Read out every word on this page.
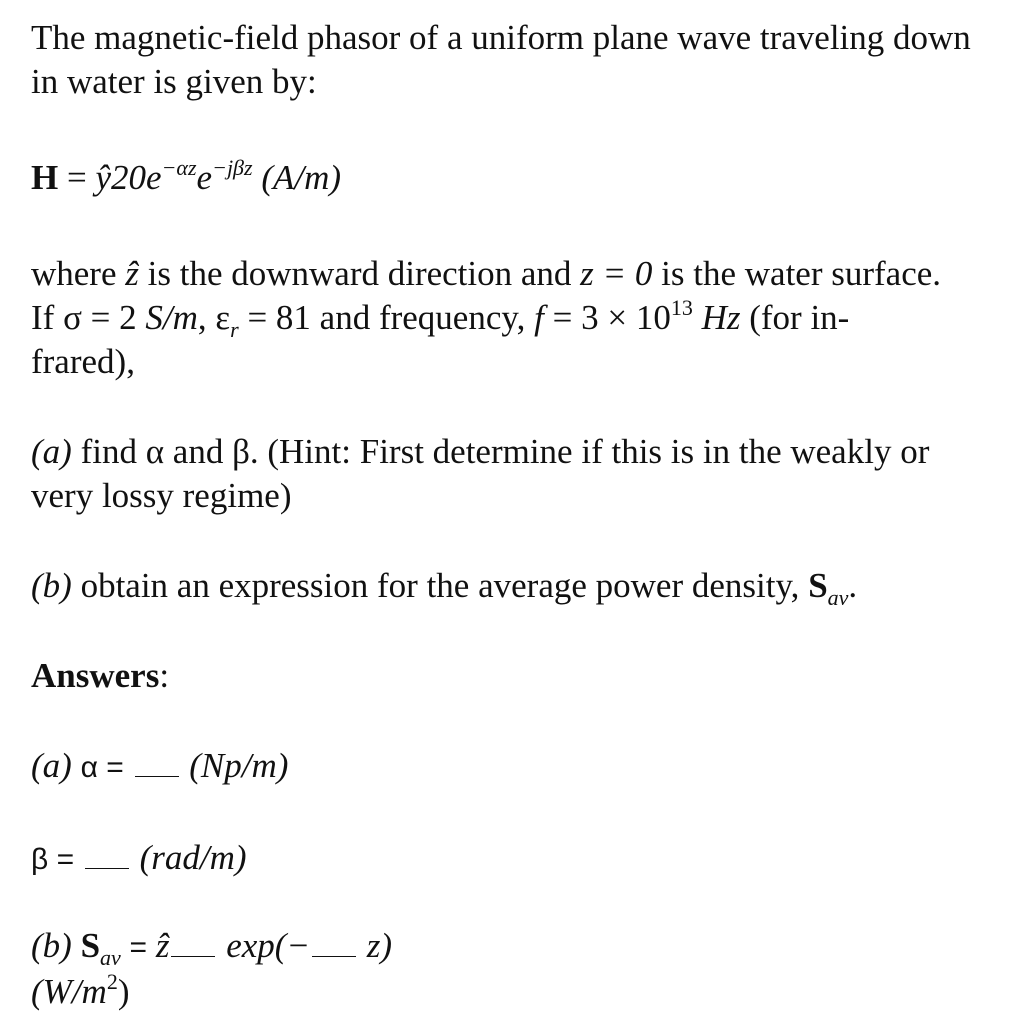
The magnetic-field phasor of a uniform plane wave traveling down
in water is given by:

$H = ŷ20e^{-\alpha z}e^{-j\beta z}$ (A/m)

where ẑ is the downward direction and z = 0 is the water surface.
If σ = 2 S/m, $\varepsilon_r = 81$ and frequency, $f = 3 \times 10^{13}$ Hz (for in-
frared),

(a) find α and β. (Hint: First determine if this is in the weakly or
very lossy regime)

(b) obtain an expression for the average power density, $S_{av}$.

Answers:

(a) α = (Np/m)

β = (rad/m)

(b) $S_{av}$ = ẑ exp(− z)
$(W/m^2)$
